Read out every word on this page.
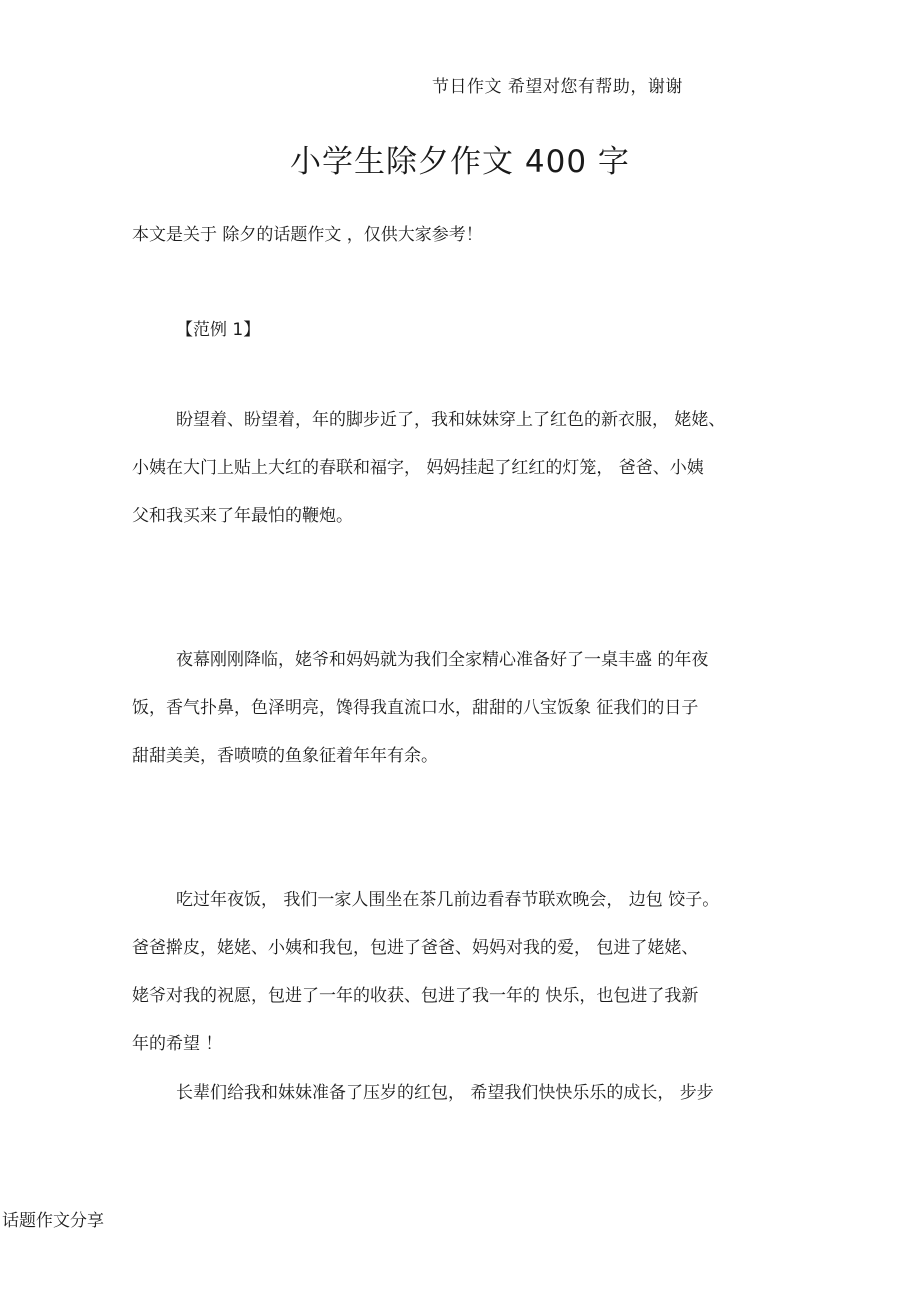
节日作文 希望对您有帮助，谢谢
小学生除夕作文 400 字
本文是关于 除夕的话题作文 ，仅供大家参考！
【范例 1】
盼望着、盼望着，年的脚步近了，我和妹妹穿上了红色的新衣服， 姥姥、
小姨在大门上贴上大红的春联和福字， 妈妈挂起了红红的灯笼， 爸爸、小姨
父和我买来了年最怕的鞭炮。
夜幕刚刚降临，姥爷和妈妈就为我们全家精心准备好了一桌丰盛 的年夜
饭，香气扑鼻，色泽明亮，馋得我直流口水，甜甜的八宝饭象 征我们的日子
甜甜美美，香喷喷的鱼象征着年年有余。
吃过年夜饭， 我们一家人围坐在茶几前边看春节联欢晚会， 边包 饺子。
爸爸擀皮，姥姥、小姨和我包，包进了爸爸、妈妈对我的爱， 包进了姥姥、
姥爷对我的祝愿，包进了一年的收获、包进了我一年的 快乐，也包进了我新
年的希望 ！
长辈们给我和妹妹准备了压岁的红包， 希望我们快快乐乐的成长， 步步
话题作文分享
